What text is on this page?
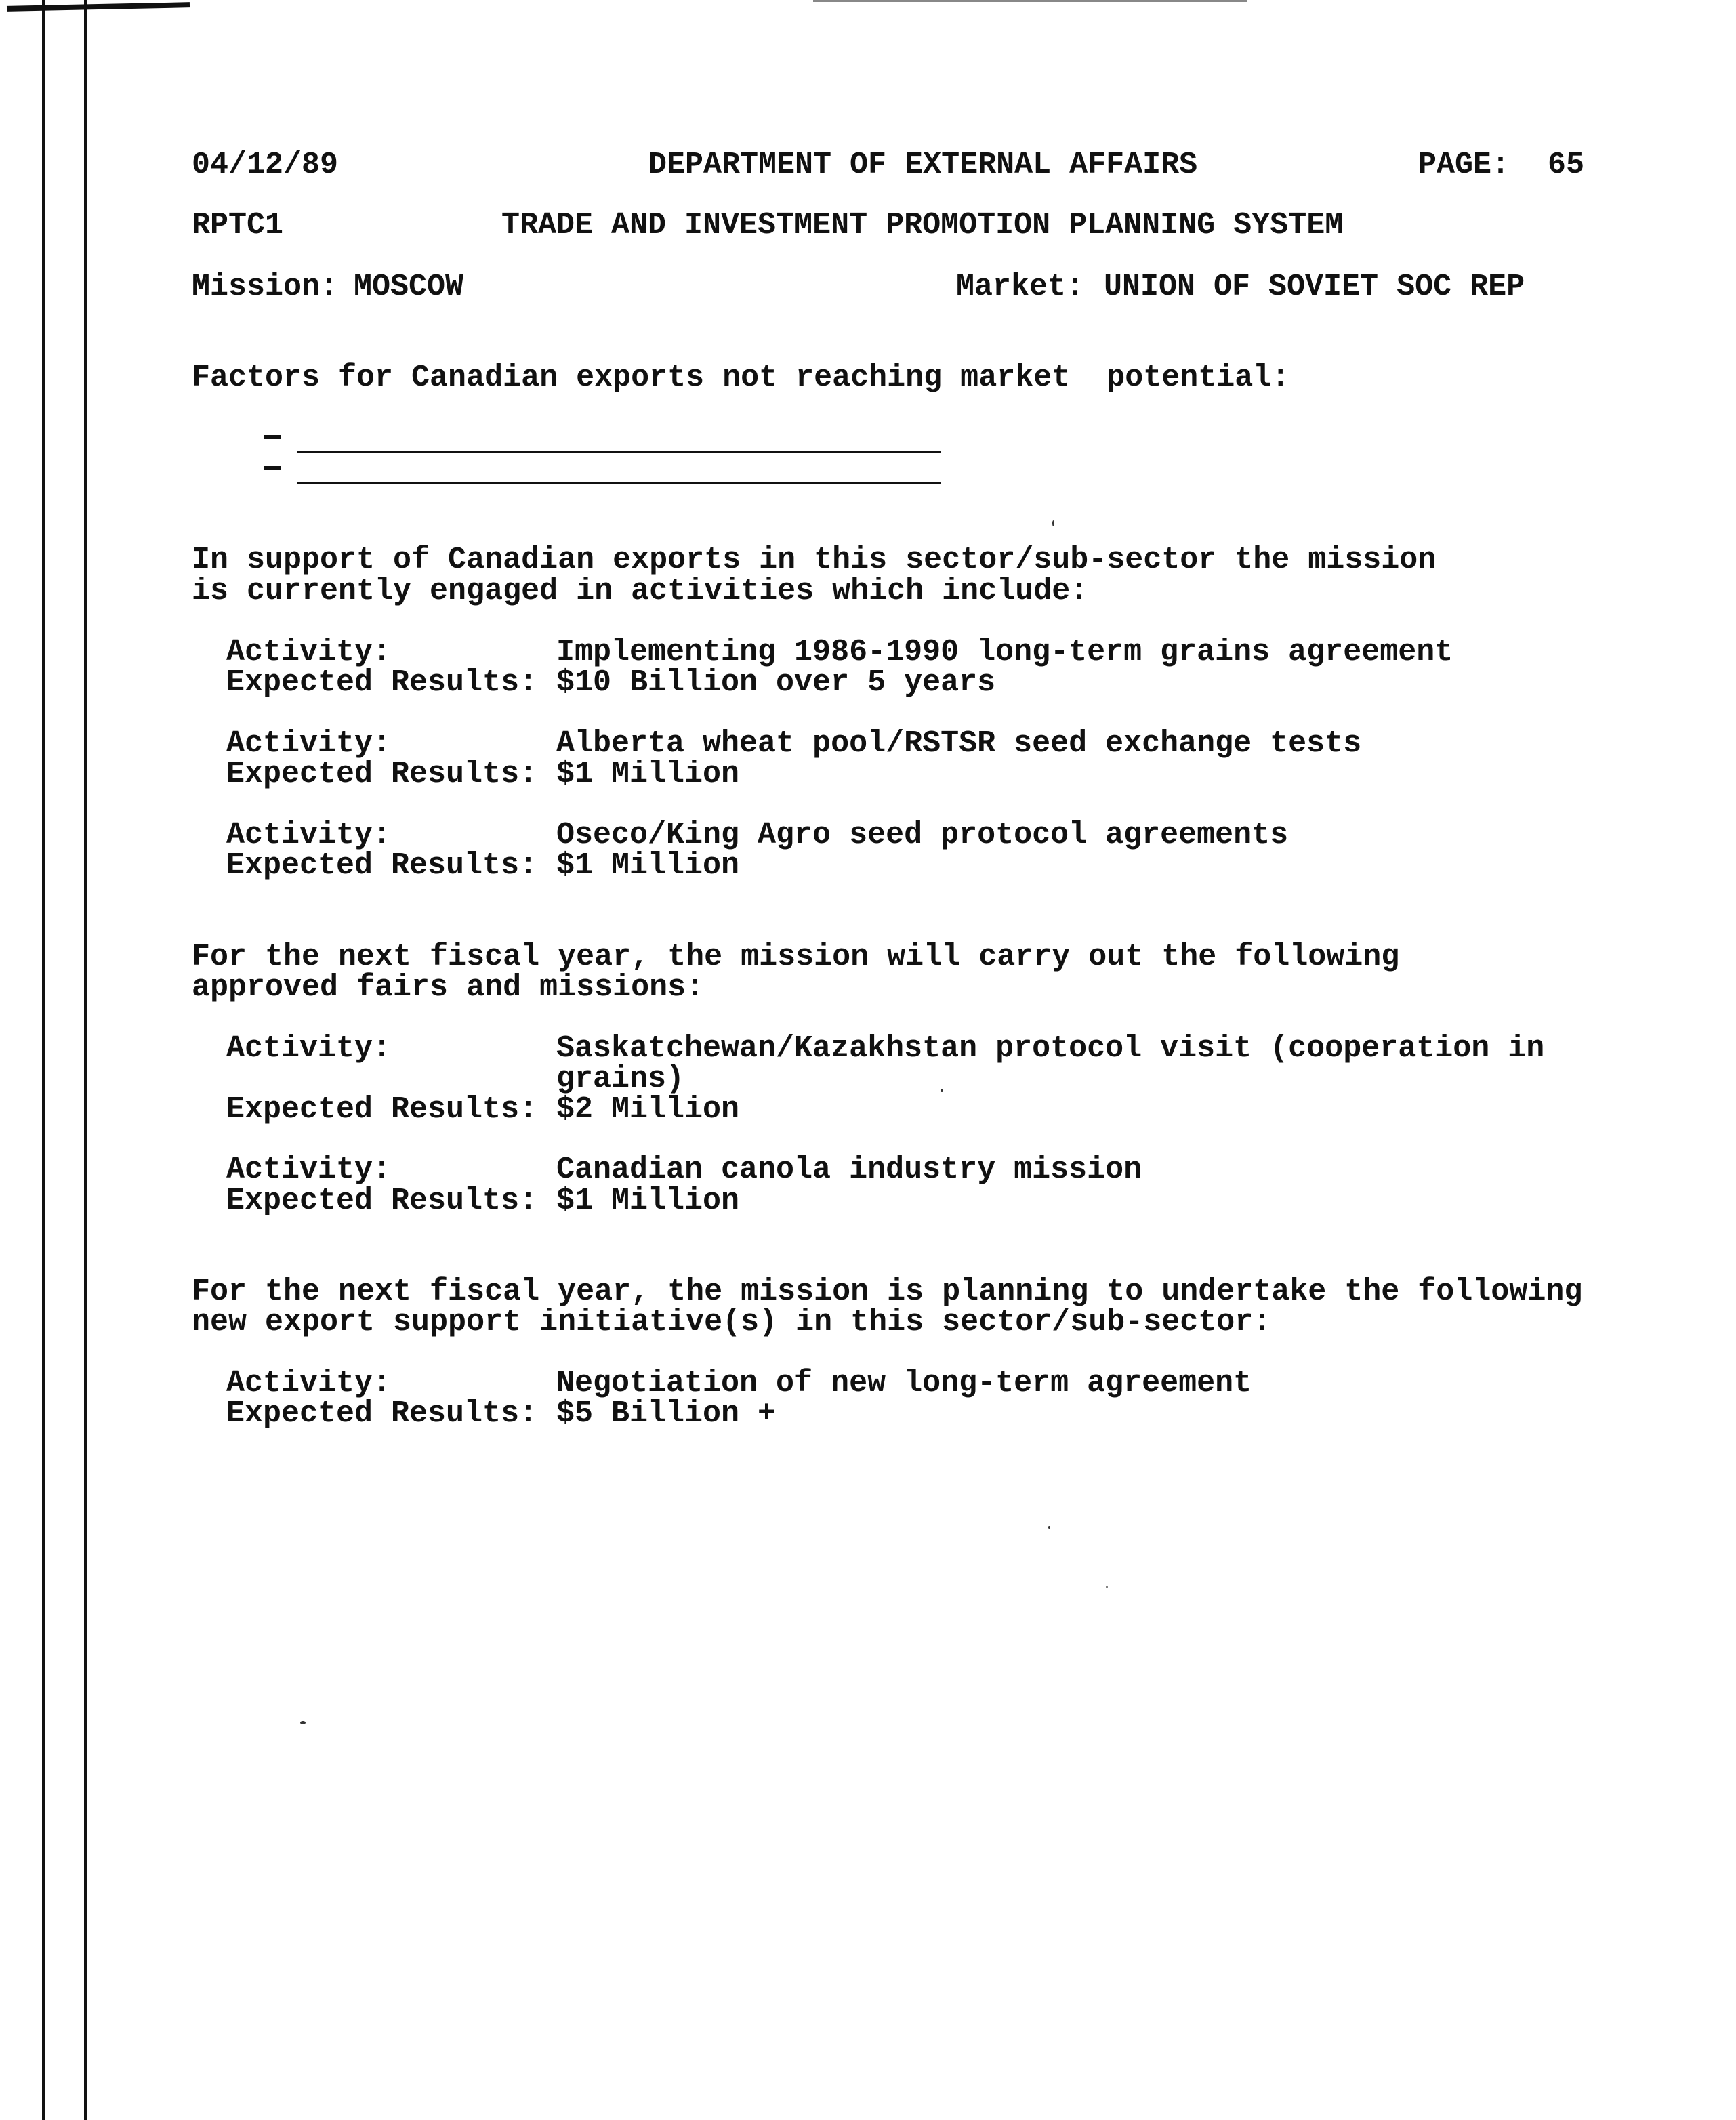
04/12/89	DEPARTMENT OF EXTERNAL AFFAIRS	PAGE: 65
RPTC1	TRADE AND INVESTMENT PROMOTION PLANNING SYSTEM
Mission: MOSCOW	Market: UNION OF SOVIET SOC REP
Factors for Canadian exports not reaching market  potential:
In support of Canadian exports in this sector/sub-sector the mission
is currently engaged in activities which include:
Activity:	Implementing 1986-1990 long-term grains agreement
Expected Results: $10 Billion over 5 years
Activity:	Alberta wheat pool/RSTSR seed exchange tests
Expected Results: $1 Million
Activity:	Oseco/King Agro seed protocol agreements
Expected Results: $1 Million
For the next fiscal year, the mission will carry out the following
approved fairs and missions:
Activity:	Saskatchewan/Kazakhstan protocol visit (cooperation in
grains)
Expected Results: $2 Million
Activity:	Canadian canola industry mission
Expected Results: $1 Million
For the next fiscal year, the mission is planning to undertake the following
new export support initiative(s) in this sector/sub-sector:
Activity:	Negotiation of new long-term agreement
Expected Results: $5 Billion +
